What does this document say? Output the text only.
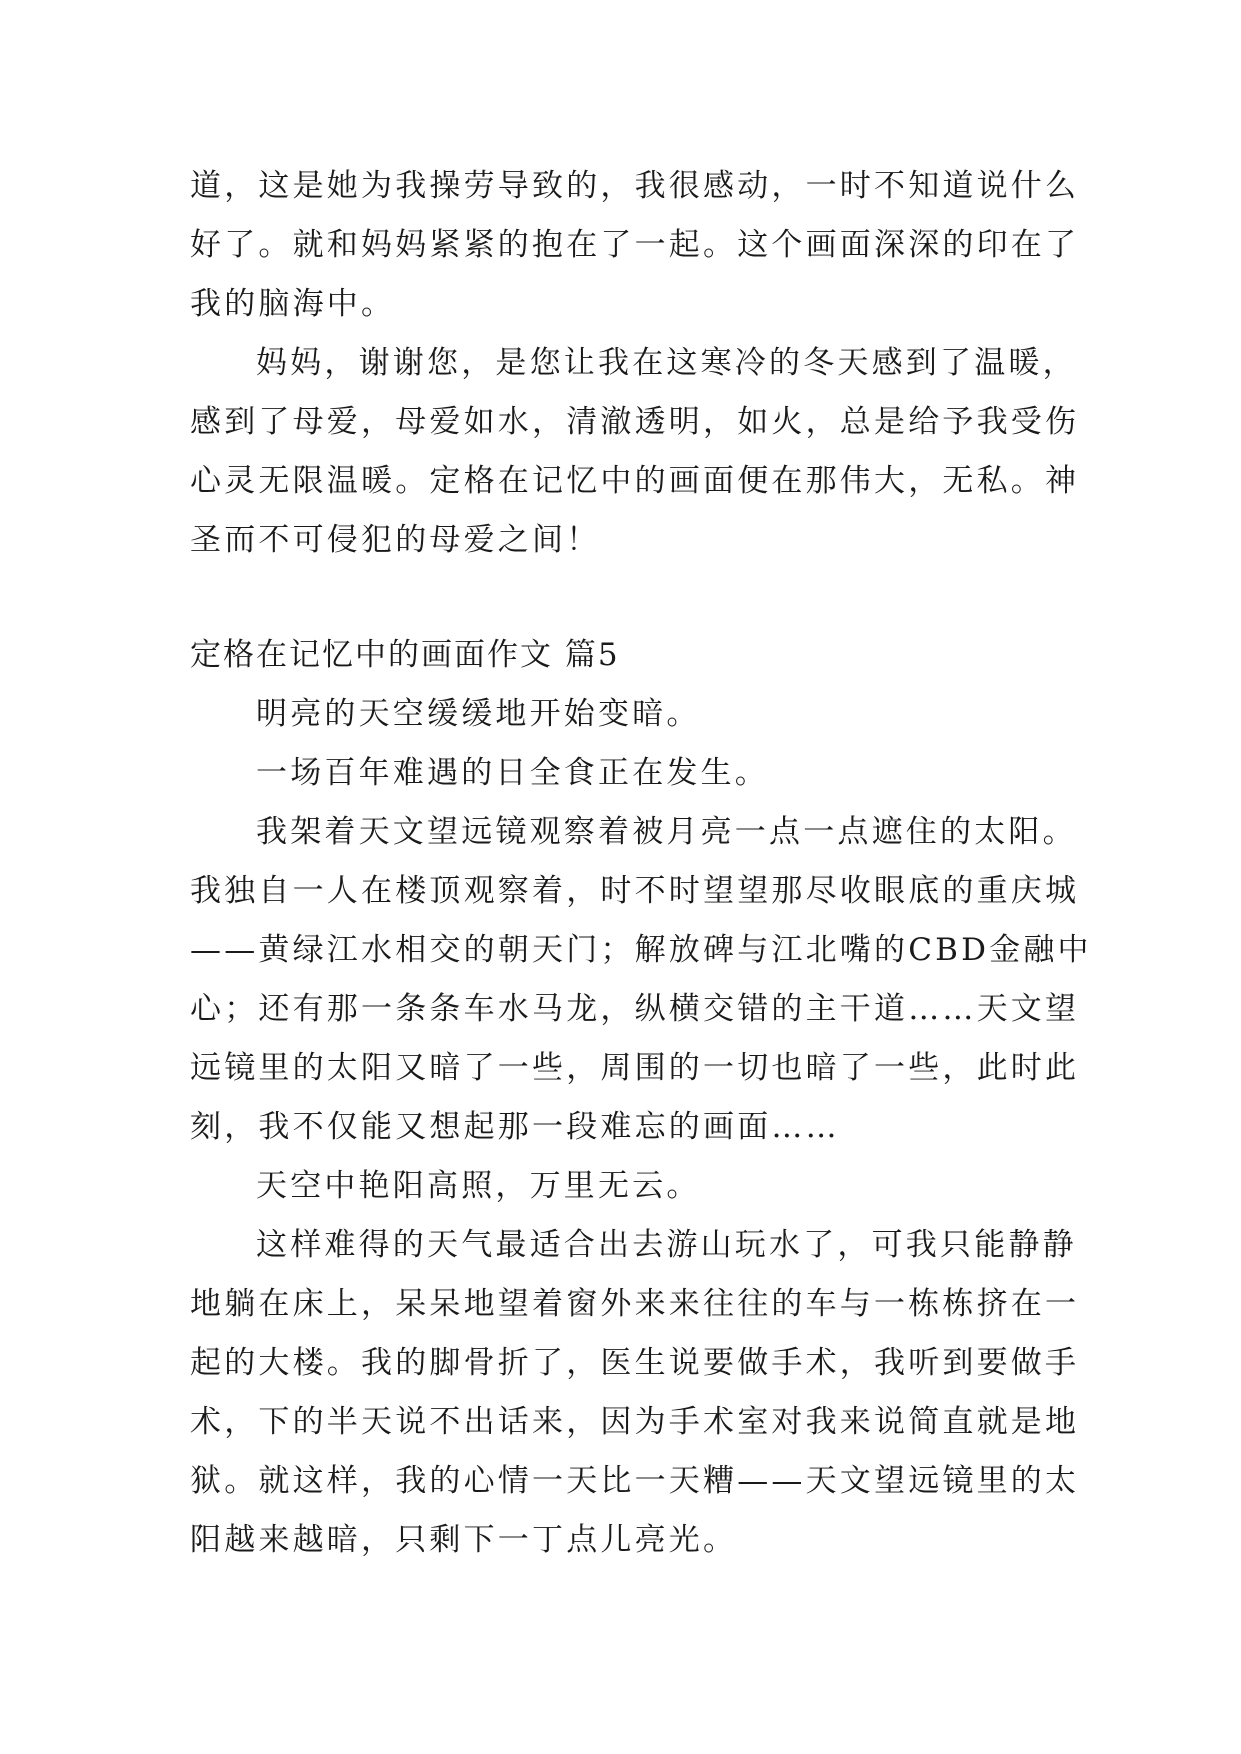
道，这是她为我操劳导致的，我很感动，一时不知道说什么
好了。就和妈妈紧紧的抱在了一起。这个画面深深的印在了
我的脑海中。
妈妈，谢谢您，是您让我在这寒冷的冬天感到了温暖，
感到了母爱，母爱如水，清澈透明，如火，总是给予我受伤
心灵无限温暖。定格在记忆中的画面便在那伟大，无私。神
圣而不可侵犯的母爱之间！
定格在记忆中的画面作文 篇5
明亮的天空缓缓地开始变暗。
一场百年难遇的日全食正在发生。
我架着天文望远镜观察着被月亮一点一点遮住的太阳。
我独自一人在楼顶观察着，时不时望望那尽收眼底的重庆城
——黄绿江水相交的朝天门；解放碑与江北嘴的CBD金融中
心；还有那一条条车水马龙，纵横交错的主干道……天文望
远镜里的太阳又暗了一些，周围的一切也暗了一些，此时此
刻，我不仅能又想起那一段难忘的画面……
天空中艳阳高照，万里无云。
这样难得的天气最适合出去游山玩水了，可我只能静静
地躺在床上，呆呆地望着窗外来来往往的车与一栋栋挤在一
起的大楼。我的脚骨折了，医生说要做手术，我听到要做手
术，下的半天说不出话来，因为手术室对我来说简直就是地
狱。就这样，我的心情一天比一天糟——天文望远镜里的太
阳越来越暗，只剩下一丁点儿亮光。
